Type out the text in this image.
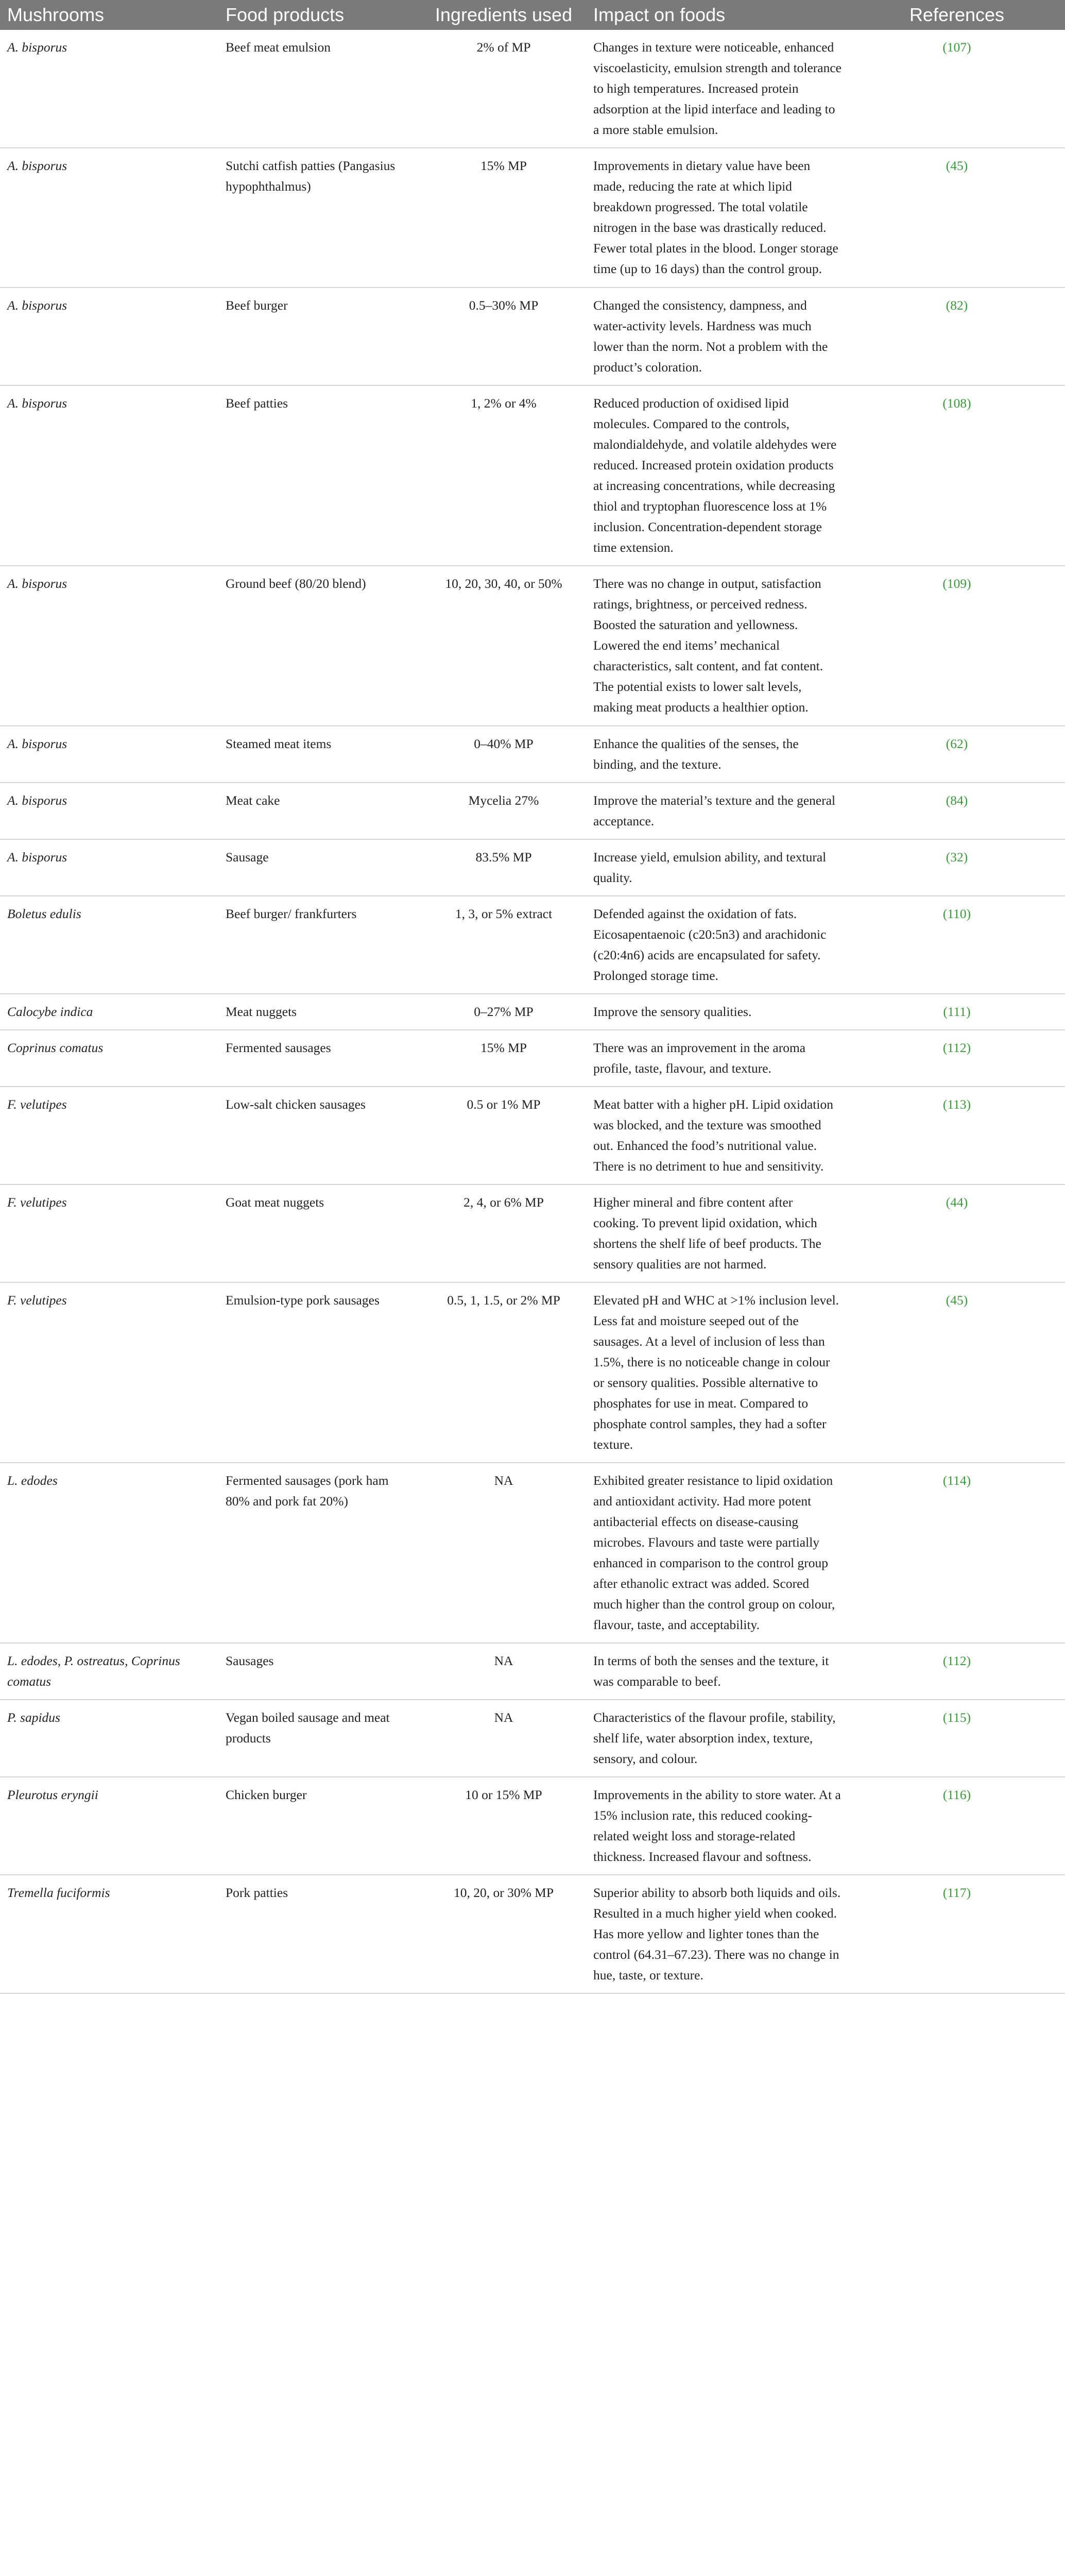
Mushrooms	Food products	Ingredients used	Impact on foods	References
A. bisporus	Beef meat emulsion	2% of MP	Changes in texture were noticeable, enhanced viscoelasticity, emulsion strength and tolerance to high temperatures. Increased protein adsorption at the lipid interface and leading to a more stable emulsion.	(107)
A. bisporus	Sutchi catfish patties (Pangasius hypophthalmus)	15% MP	Improvements in dietary value have been made, reducing the rate at which lipid breakdown progressed. The total volatile nitrogen in the base was drastically reduced. Fewer total plates in the blood. Longer storage time (up to 16 days) than the control group.	(45)
A. bisporus	Beef burger	0.5–30% MP	Changed the consistency, dampness, and water-activity levels. Hardness was much lower than the norm. Not a problem with the product’s coloration.	(82)
A. bisporus	Beef patties	1, 2% or 4%	Reduced production of oxidised lipid molecules. Compared to the controls, malondialdehyde, and volatile aldehydes were reduced. Increased protein oxidation products at increasing concentrations, while decreasing thiol and tryptophan fluorescence loss at 1% inclusion. Concentration-dependent storage time extension.	(108)
A. bisporus	Ground beef (80/20 blend)	10, 20, 30, 40, or 50%	There was no change in output, satisfaction ratings, brightness, or perceived redness. Boosted the saturation and yellowness. Lowered the end items’ mechanical characteristics, salt content, and fat content. The potential exists to lower salt levels, making meat products a healthier option.	(109)
A. bisporus	Steamed meat items	0–40% MP	Enhance the qualities of the senses, the binding, and the texture.	(62)
A. bisporus	Meat cake	Mycelia 27%	Improve the material’s texture and the general acceptance.	(84)
A. bisporus	Sausage	83.5% MP	Increase yield, emulsion ability, and textural quality.	(32)
Boletus edulis	Beef burger/ frankfurters	1, 3, or 5% extract	Defended against the oxidation of fats. Eicosapentaenoic (c20:5n3) and arachidonic (c20:4n6) acids are encapsulated for safety. Prolonged storage time.	(110)
Calocybe indica	Meat nuggets	0–27% MP	Improve the sensory qualities.	(111)
Coprinus comatus	Fermented sausages	15% MP	There was an improvement in the aroma profile, taste, flavour, and texture.	(112)
F. velutipes	Low-salt chicken sausages	0.5 or 1% MP	Meat batter with a higher pH. Lipid oxidation was blocked, and the texture was smoothed out. Enhanced the food’s nutritional value. There is no detriment to hue and sensitivity.	(113)
F. velutipes	Goat meat nuggets	2, 4, or 6% MP	Higher mineral and fibre content after cooking. To prevent lipid oxidation, which shortens the shelf life of beef products. The sensory qualities are not harmed.	(44)
F. velutipes	Emulsion-type pork sausages	0.5, 1, 1.5, or 2% MP	Elevated pH and WHC at >1% inclusion level. Less fat and moisture seeped out of the sausages. At a level of inclusion of less than 1.5%, there is no noticeable change in colour or sensory qualities. Possible alternative to phosphates for use in meat. Compared to phosphate control samples, they had a softer texture.	(45)
L. edodes	Fermented sausages (pork ham 80% and pork fat 20%)	NA	Exhibited greater resistance to lipid oxidation and antioxidant activity. Had more potent antibacterial effects on disease-causing microbes. Flavours and taste were partially enhanced in comparison to the control group after ethanolic extract was added. Scored much higher than the control group on colour, flavour, taste, and acceptability.	(114)
L. edodes, P. ostreatus, Coprinus comatus	Sausages	NA	In terms of both the senses and the texture, it was comparable to beef.	(112)
P. sapidus	Vegan boiled sausage and meat products	NA	Characteristics of the flavour profile, stability, shelf life, water absorption index, texture, sensory, and colour.	(115)
Pleurotus eryngii	Chicken burger	10 or 15% MP	Improvements in the ability to store water. At a 15% inclusion rate, this reduced cooking-related weight loss and storage-related thickness. Increased flavour and softness.	(116)
Tremella fuciformis	Pork patties	10, 20, or 30% MP	Superior ability to absorb both liquids and oils. Resulted in a much higher yield when cooked. Has more yellow and lighter tones than the control (64.31–67.23). There was no change in hue, taste, or texture.	(117)
